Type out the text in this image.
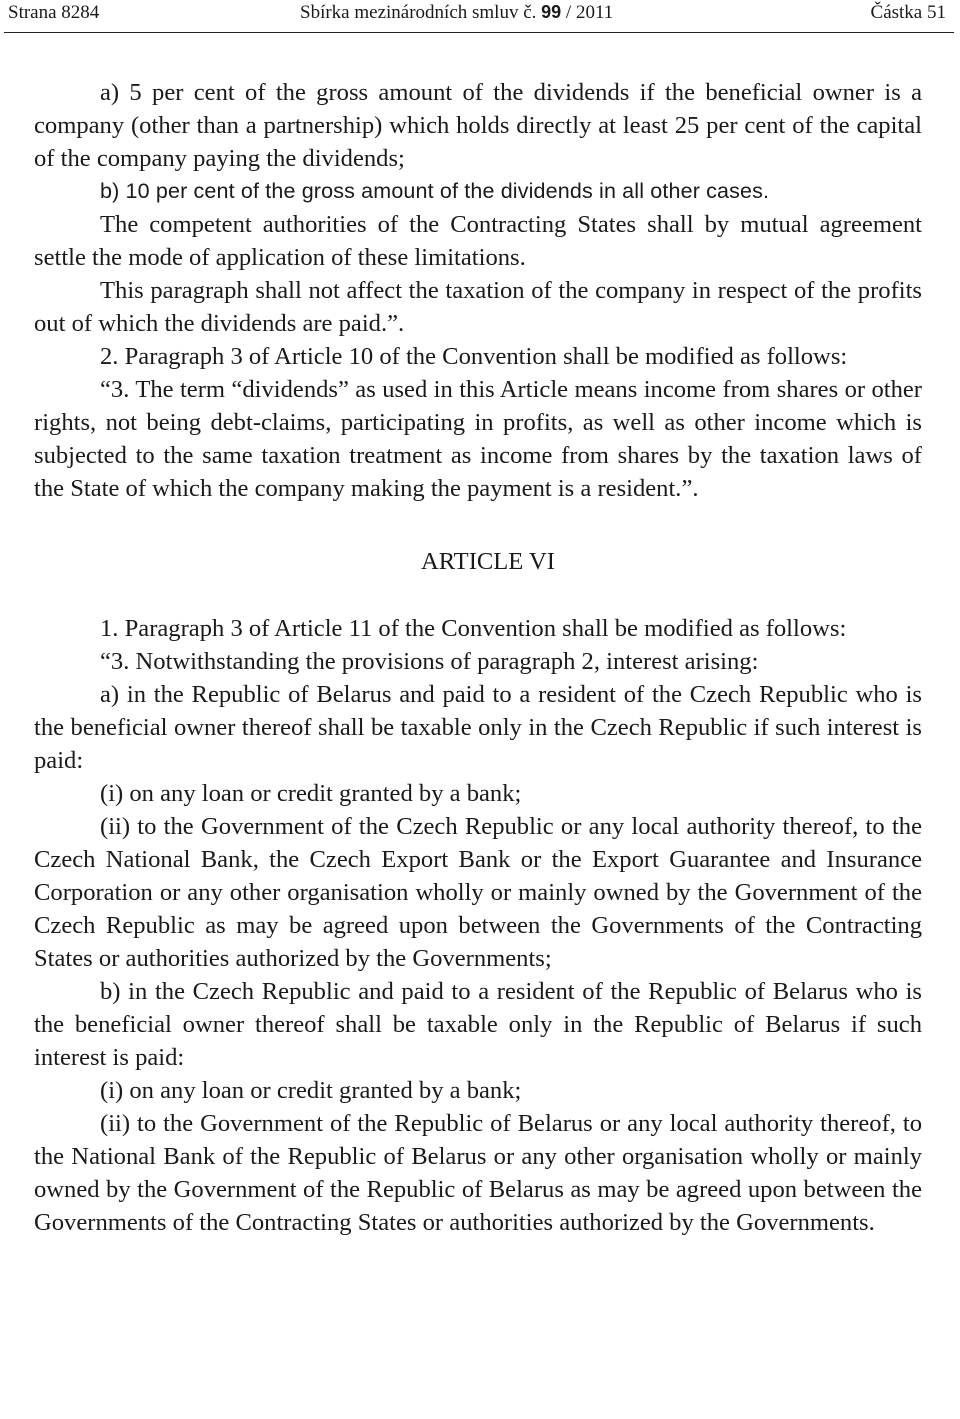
Strana 8284	Sbírka mezinárodních smluv č. 99 / 2011	Částka 51

a) 5 per cent of the gross amount of the dividends if the beneficial owner is a company (other than a partnership) which holds directly at least 25 per cent of the capital of the company paying the dividends;

b) 10 per cent of the gross amount of the dividends in all other cases.

The competent authorities of the Contracting States shall by mutual agreement settle the mode of application of these limitations.

This paragraph shall not affect the taxation of the company in respect of the profits out of which the dividends are paid.”.

2. Paragraph 3 of Article 10 of the Convention shall be modified as follows:

“3. The term “dividends” as used in this Article means income from shares or other rights, not being debt-claims, participating in profits, as well as other income which is subjected to the same taxation treatment as income from shares by the taxation laws of the State of which the company making the payment is a resident.”.

ARTICLE VI

1. Paragraph 3 of Article 11 of the Convention shall be modified as follows:

“3. Notwithstanding the provisions of paragraph 2, interest arising:

a) in the Republic of Belarus and paid to a resident of the Czech Republic who is the beneficial owner thereof shall be taxable only in the Czech Republic if such interest is paid:

(i) on any loan or credit granted by a bank;

(ii) to the Government of the Czech Republic or any local authority thereof, to the Czech National Bank, the Czech Export Bank or the Export Guarantee and Insurance Corporation or any other organisation wholly or mainly owned by the Government of the Czech Republic as may be agreed upon between the Governments of the Contracting States or authorities authorized by the Governments;

b) in the Czech Republic and paid to a resident of the Republic of Belarus who is the beneficial owner thereof shall be taxable only in the Republic of Belarus if such interest is paid:

(i) on any loan or credit granted by a bank;

(ii) to the Government of the Republic of Belarus or any local authority thereof, to the National Bank of the Republic of Belarus or any other organisation wholly or mainly owned by the Government of the Republic of Belarus as may be agreed upon between the Governments of the Contracting States or authorities authorized by the Governments.
